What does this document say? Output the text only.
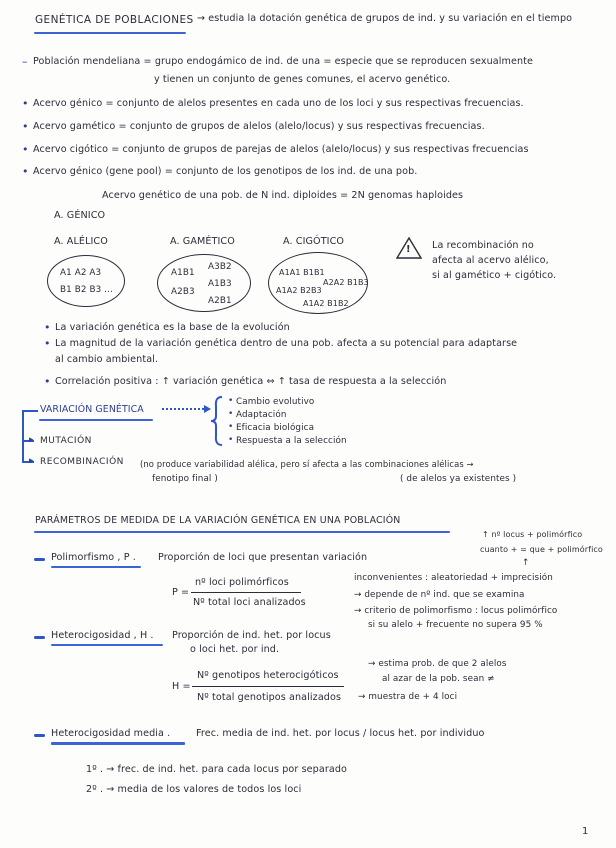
GENÉTICA DE POBLACIONES → estudia la dotación genética de grupos de ind. y su variación en el tiempo
– Población mendeliana = grupo endogámico de ind. de una = especie que se reproducen sexualmente
y tienen un conjunto de genes comunes, el acervo genético.
• Acervo génico = conjunto de alelos presentes en cada uno de los loci y sus respectivas frecuencias.
• Acervo gamético = conjunto de grupos de alelos (alelo/locus) y sus respectivas frecuencias.
• Acervo cigótico = conjunto de grupos de parejas de alelos (alelo/locus) y sus respectivas frecuencias
• Acervo génico (gene pool) = conjunto de los genotipos de los ind. de una pob.
Acervo genético de una pob. de N ind. diploides = 2N genomas haploides
A. GÉNICO
A. ALÉLICO	A. GAMÉTICO	A. CIGÓTICO
A1 A2 A3
B1 B2 B3 ...
A1B1
A3B2
A1B3
A2B3
A2B1
A1A1 B1B1
A2A2 B1B3
A1A2 B2B3
A1A2 B1B2
! La recombinación no
afecta al acervo alélico,
si al gamético + cigótico.
• La variación genética es la base de la evolución
• La magnitud de la variación genética dentro de una pob. afecta a su potencial para adaptarse
al cambio ambiental.
• Correlación positiva : ↑ variación genética ⇔ ↑ tasa de respuesta a la selección
VARIACIÓN GENÉTICA
• Cambio evolutivo
• Adaptación
• Eficacia biológica
• Respuesta a la selección
▸
▸
MUTACIÓN
RECOMBINACIÓN (no produce variabilidad alélica, pero sí afecta a las combinaciones alélicas →
fenotipo final )	( de alelos ya existentes )
PARÁMETROS DE MEDIDA DE LA VARIACIÓN GENÉTICA EN UNA POBLACIÓN
↑ nº locus + polimórfico
cuanto + = que + polimórfico
↑
Polimorfismo , P . Proporción de loci que presentan variación
P =
nº loci polimórficos
Nº total loci analizados
inconvenientes : aleatoriedad + imprecisión
→ depende de nº ind. que se examina
→ criterio de polimorfismo : locus polimórfico
si su alelo + frecuente no supera 95 %
Heterocigosidad , H . Proporción de ind. het. por locus
o loci het. por ind.
H =
Nº genotipos heterocigóticos
Nº total genotipos analizados
→ estima prob. de que 2 alelos
al azar de la pob. sean ≠
→ muestra de + 4 loci
Heterocigosidad media .	Frec. media de ind. het. por locus / locus het. por individuo
1º . → frec. de ind. het. para cada locus por separado
2º . → media de los valores de todos los loci
1
